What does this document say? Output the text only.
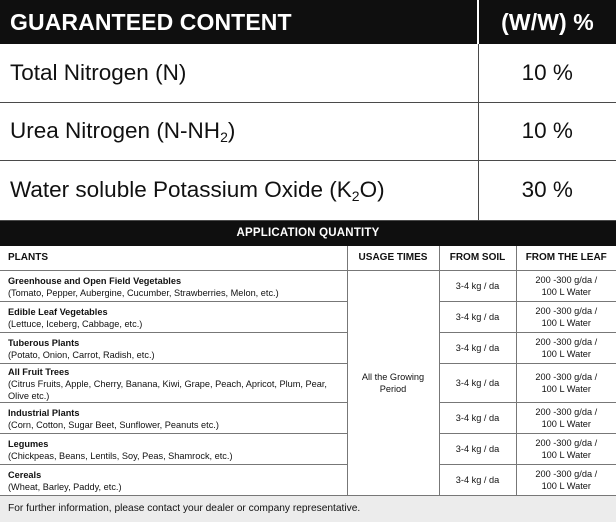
GUARANTEED CONTENT	(W/W) %
Total Nitrogen (N)	10 %
Urea Nitrogen $(N-NH_2)$	10 %
Water soluble Potassium Oxide $(K_2O)$	30 %
APPLICATION QUANTITY			
PLANTS	USAGE TIMES	FROM SOIL	FROM THE LEAF

Greenhouse and Open Field Vegetables
(Tomato, Pepper, Aubergine, Cucumber, Strawberries, Melon, etc.)	All the Growing Period	3-4 kg / da	200 -300 g/da /
100 L Water

Edible Leaf Vegetables
(Lettuce, Iceberg, Cabbage, etc.)		3-4 kg / da	200 -300 g/da /
100 L Water

Tuberous Plants
(Potato, Onion, Carrot, Radish, etc.)		3-4 kg / da	200 -300 g/da /
100 L Water

All Fruit Trees
(Citrus Fruits, Apple, Cherry, Banana, Kiwi, Grape, Peach, Apricot, Plum, Pear, Olive etc.)		3-4 kg / da	200 -300 g/da /
100 L Water

Industrial Plants
(Corn, Cotton, Sugar Beet, Sunflower, Peanuts etc.)		3-4 kg / da	200 -300 g/da /
100 L Water

Legumes
(Chickpeas, Beans, Lentils, Soy, Peas, Shamrock, etc.)		3-4 kg / da	200 -300 g/da /
100 L Water

Cereals
(Wheat, Barley, Paddy, etc.)		3-4 kg / da	200 -300 g/da /
100 L Water
For further information, please contact your dealer or company representative.
